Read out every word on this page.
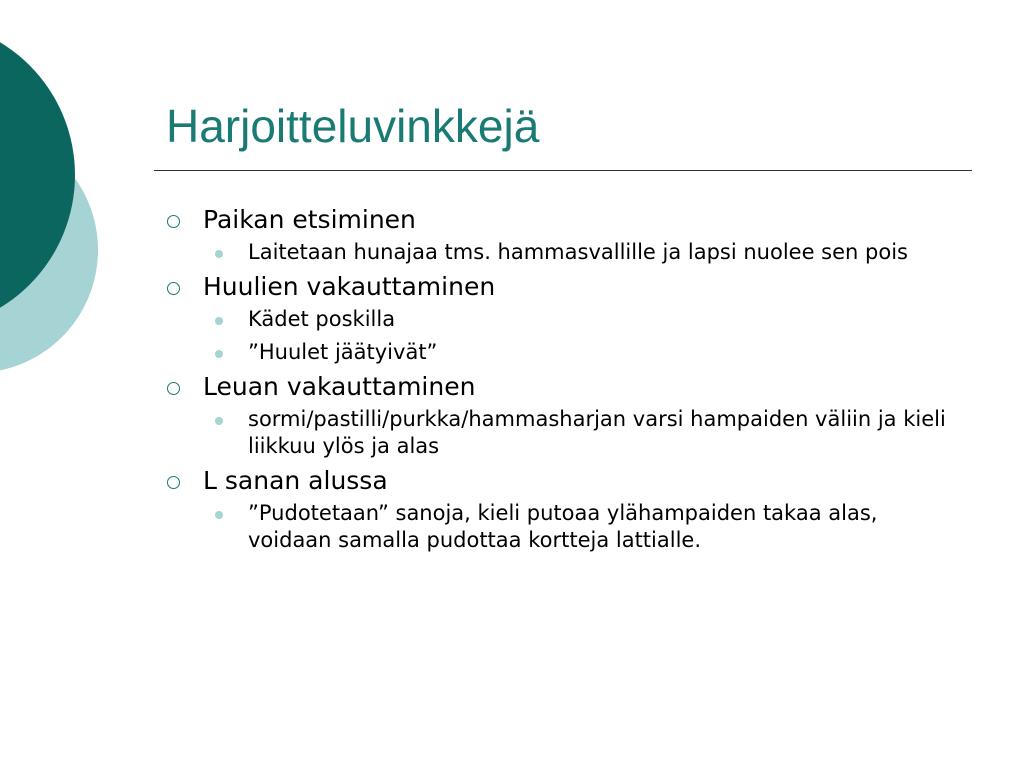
Harjoitteluvinkkejä
Paikan etsiminen
Laitetaan hunajaa tms. hammasvallille ja lapsi nuolee sen pois
Huulien vakauttaminen
Kädet poskilla
”Huulet jäätyivät”
Leuan vakauttaminen
sormi/pastilli/purkka/hammasharjan varsi hampaiden väliin ja kieli liikkuu ylös ja alas
L sanan alussa
”Pudotetaan” sanoja, kieli putoaa ylähampaiden takaa alas, voidaan samalla pudottaa kortteja lattialle.
